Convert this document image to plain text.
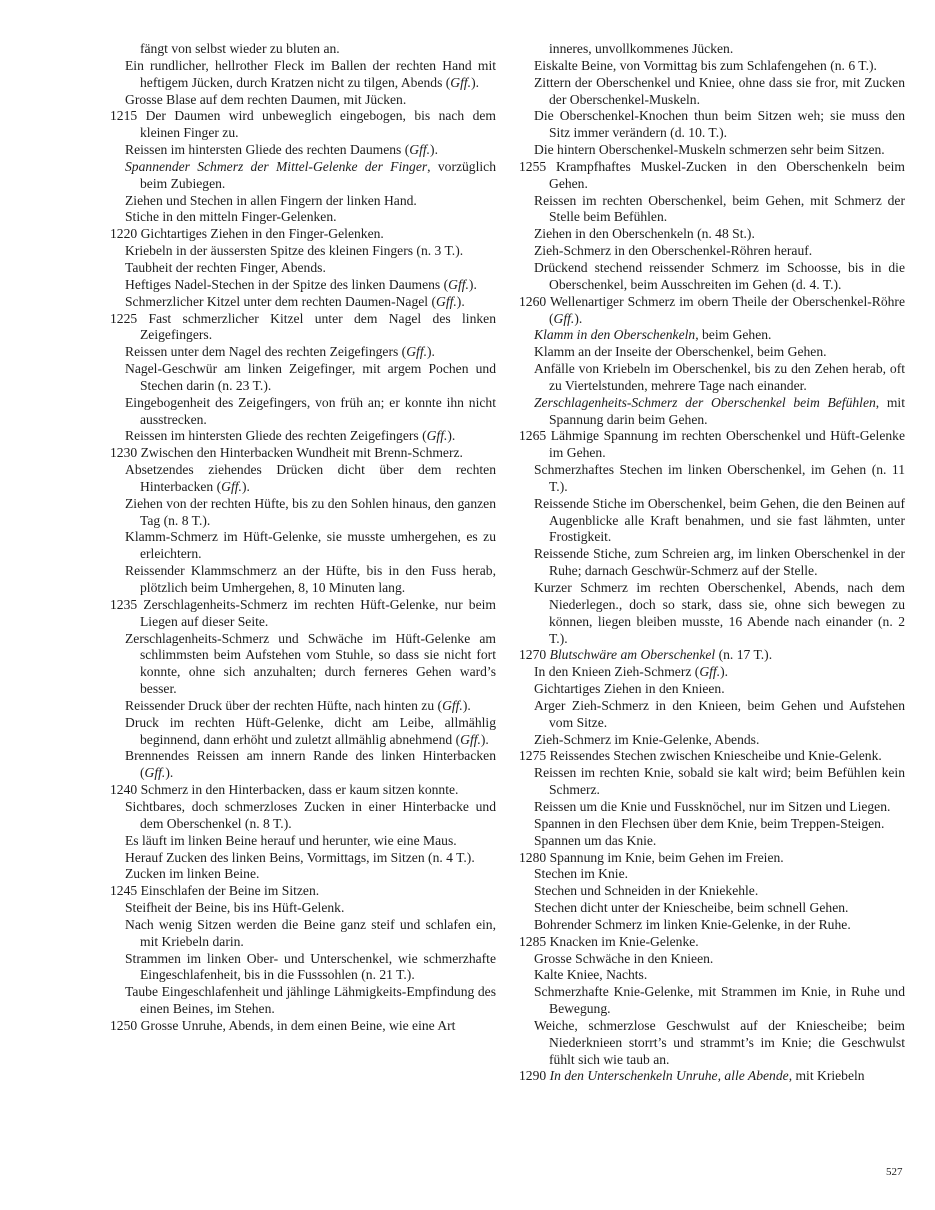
fängt von selbst wieder zu bluten an.

Ein rundlicher, hellrother Fleck im Ballen der rechten Hand mit heftigem Jücken, durch Kratzen nicht zu tilgen, Abends (Gff.).

Grosse Blase auf dem rechten Daumen, mit Jücken.

1215 Der Daumen wird unbeweglich eingebogen, bis nach dem kleinen Finger zu.

Reissen im hintersten Gliede des rechten Daumens (Gff.).

Spannender Schmerz der Mittel-Gelenke der Finger, vorzüglich beim Zubiegen.

Ziehen und Stechen in allen Fingern der linken Hand.

Stiche in den mitteln Finger-Gelenken.

1220 Gichtartiges Ziehen in den Finger-Gelenken.

Kriebeln in der äussersten Spitze des kleinen Fingers (n. 3 T.).

Taubheit der rechten Finger, Abends.

Heftiges Nadel-Stechen in der Spitze des linken Daumens (Gff.).

Schmerzlicher Kitzel unter dem rechten Daumen-Nagel (Gff.).

1225 Fast schmerzlicher Kitzel unter dem Nagel des linken Zeigefingers.

Reissen unter dem Nagel des rechten Zeigefingers (Gff.).

Nagel-Geschwür am linken Zeigefinger, mit argem Pochen und Stechen darin (n. 23 T.).

Eingebogenheit des Zeigefingers, von früh an; er konnte ihn nicht ausstrecken.

Reissen im hintersten Gliede des rechten Zeigefingers (Gff.).

1230 Zwischen den Hinterbacken Wundheit mit Brenn-Schmerz.

Absetzendes ziehendes Drücken dicht über dem rechten Hinterbacken (Gff.).

Ziehen von der rechten Hüfte, bis zu den Sohlen hinaus, den ganzen Tag (n. 8 T.).

Klamm-Schmerz im Hüft-Gelenke, sie musste umhergehen, es zu erleichtern.

Reissender Klammschmerz an der Hüfte, bis in den Fuss herab, plötzlich beim Umhergehen, 8, 10 Minuten lang.

1235 Zerschlagenheits-Schmerz im rechten Hüft-Gelenke, nur beim Liegen auf dieser Seite.

Zerschlagenheits-Schmerz und Schwäche im Hüft-Gelenke am schlimmsten beim Aufstehen vom Stuhle, so dass sie nicht fort konnte, ohne sich anzuhalten; durch ferneres Gehen ward’s besser.

Reissender Druck über der rechten Hüfte, nach hinten zu (Gff.).

Druck im rechten Hüft-Gelenke, dicht am Leibe, allmählig beginnend, dann erhöht und zuletzt allmählig abnehmend (Gff.).

Brennendes Reissen am innern Rande des linken Hinterbacken (Gff.).

1240 Schmerz in den Hinterbacken, dass er kaum sitzen konnte.

Sichtbares, doch schmerzloses Zucken in einer Hinterbacke und dem Oberschenkel (n. 8 T.).

Es läuft im linken Beine herauf und herunter, wie eine Maus.

Herauf Zucken des linken Beins, Vormittags, im Sitzen (n. 4 T.).

Zucken im linken Beine.

1245 Einschlafen der Beine im Sitzen.

Steifheit der Beine, bis ins Hüft-Gelenk.

Nach wenig Sitzen werden die Beine ganz steif und schlafen ein, mit Kriebeln darin.

Strammen im linken Ober- und Unterschenkel, wie schmerzhafte Eingeschlafenheit, bis in die Fusssohlen (n. 21 T.).

Taube Eingeschlafenheit und jählinge Lähmigkeits-Empfindung des einen Beines, im Stehen.

1250 Grosse Unruhe, Abends, in dem einen Beine, wie eine Art

inneres, unvollkommenes Jücken.

Eiskalte Beine, von Vormittag bis zum Schlafengehen (n. 6 T.).

Zittern der Oberschenkel und Kniee, ohne dass sie fror, mit Zucken der Oberschenkel-Muskeln.

Die Oberschenkel-Knochen thun beim Sitzen weh; sie muss den Sitz immer verändern (d. 10. T.).

Die hintern Oberschenkel-Muskeln schmerzen sehr beim Sitzen.

1255 Krampfhaftes Muskel-Zucken in den Oberschenkeln beim Gehen.

Reissen im rechten Oberschenkel, beim Gehen, mit Schmerz der Stelle beim Befühlen.

Ziehen in den Oberschenkeln (n. 48 St.).

Zieh-Schmerz in den Oberschenkel-Röhren herauf.

Drückend stechend reissender Schmerz im Schoosse, bis in die Oberschenkel, beim Ausschreiten im Gehen (d. 4. T.).

1260 Wellenartiger Schmerz im obern Theile der Oberschenkel-Röhre (Gff.).

Klamm in den Oberschenkeln, beim Gehen.

Klamm an der Inseite der Oberschenkel, beim Gehen.

Anfälle von Kriebeln im Oberschenkel, bis zu den Zehen herab, oft zu Viertelstunden, mehrere Tage nach einander.

Zerschlagenheits-Schmerz der Oberschenkel beim Befühlen, mit Spannung darin beim Gehen.

1265 Lähmige Spannung im rechten Oberschenkel und Hüft-Gelenke im Gehen.

Schmerzhaftes Stechen im linken Oberschenkel, im Gehen (n. 11 T.).

Reissende Stiche im Oberschenkel, beim Gehen, die den Beinen auf Augenblicke alle Kraft benahmen, und sie fast lähmten, unter Frostigkeit.

Reissende Stiche, zum Schreien arg, im linken Oberschenkel in der Ruhe; darnach Geschwür-Schmerz auf der Stelle.

Kurzer Schmerz im rechten Oberschenkel, Abends, nach dem Niederlegen., doch so stark, dass sie, ohne sich bewegen zu können, liegen bleiben musste, 16 Abende nach einander (n. 2 T.).

1270 Blutschwäre am Oberschenkel (n. 17 T.).

In den Knieen Zieh-Schmerz (Gff.).

Gichtartiges Ziehen in den Knieen.

Arger Zieh-Schmerz in den Knieen, beim Gehen und Aufstehen vom Sitze.

Zieh-Schmerz im Knie-Gelenke, Abends.

1275 Reissendes Stechen zwischen Kniescheibe und Knie-Gelenk.

Reissen im rechten Knie, sobald sie kalt wird; beim Befühlen kein Schmerz.

Reissen um die Knie und Fussknöchel, nur im Sitzen und Liegen.

Spannen in den Flechsen über dem Knie, beim Treppen-Steigen.

Spannen um das Knie.

1280 Spannung im Knie, beim Gehen im Freien.

Stechen im Knie.

Stechen und Schneiden in der Kniekehle.

Stechen dicht unter der Kniescheibe, beim schnell Gehen.

Bohrender Schmerz im linken Knie-Gelenke, in der Ruhe.

1285 Knacken im Knie-Gelenke.

Grosse Schwäche in den Knieen.

Kalte Kniee, Nachts.

Schmerzhafte Knie-Gelenke, mit Strammen im Knie, in Ruhe und Bewegung.

Weiche, schmerzlose Geschwulst auf der Kniescheibe; beim Niederknieen storrt’s und strammt’s im Knie; die Geschwulst fühlt sich wie taub an.

1290 In den Unterschenkeln Unruhe, alle Abende, mit Kriebeln

527
